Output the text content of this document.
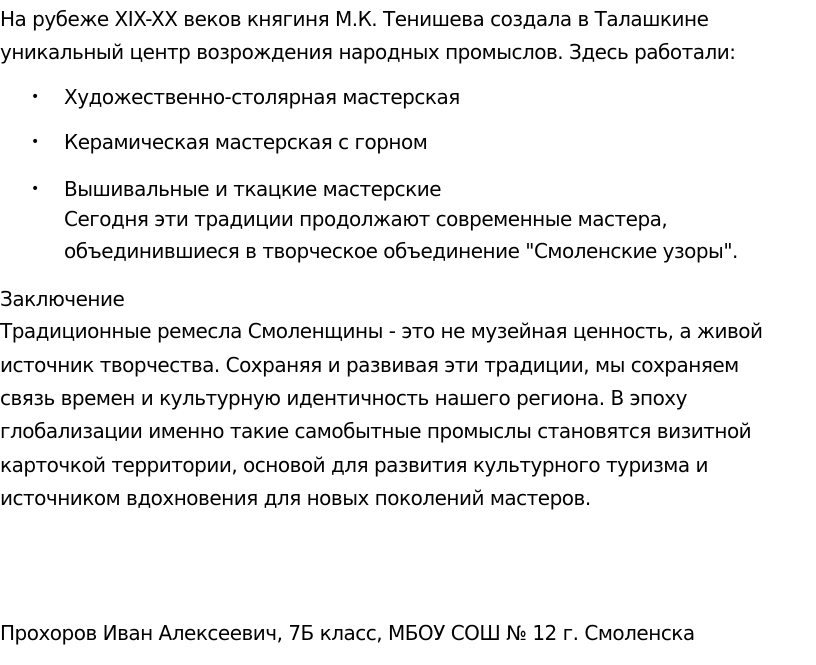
На рубеже XIX-XX веков княгиня М.К. Тенишева создала в Талашкине
уникальный центр возрождения народных промыслов. Здесь работали:
• Художественно-столярная мастерская
• Керамическая мастерская с горном
• Вышивальные и ткацкие мастерские
Сегодня эти традиции продолжают современные мастера,
объединившиеся в творческое объединение "Смоленские узоры".
Заключение
Традиционные ремесла Смоленщины - это не музейная ценность, а живой
источник творчества. Сохраняя и развивая эти традиции, мы сохраняем
связь времен и культурную идентичность нашего региона. В эпоху
глобализации именно такие самобытные промыслы становятся визитной
карточкой территории, основой для развития культурного туризма и
источником вдохновения для новых поколений мастеров.
Прохоров Иван Алексеевич, 7Б класс, МБОУ СОШ № 12 г. Смоленска
